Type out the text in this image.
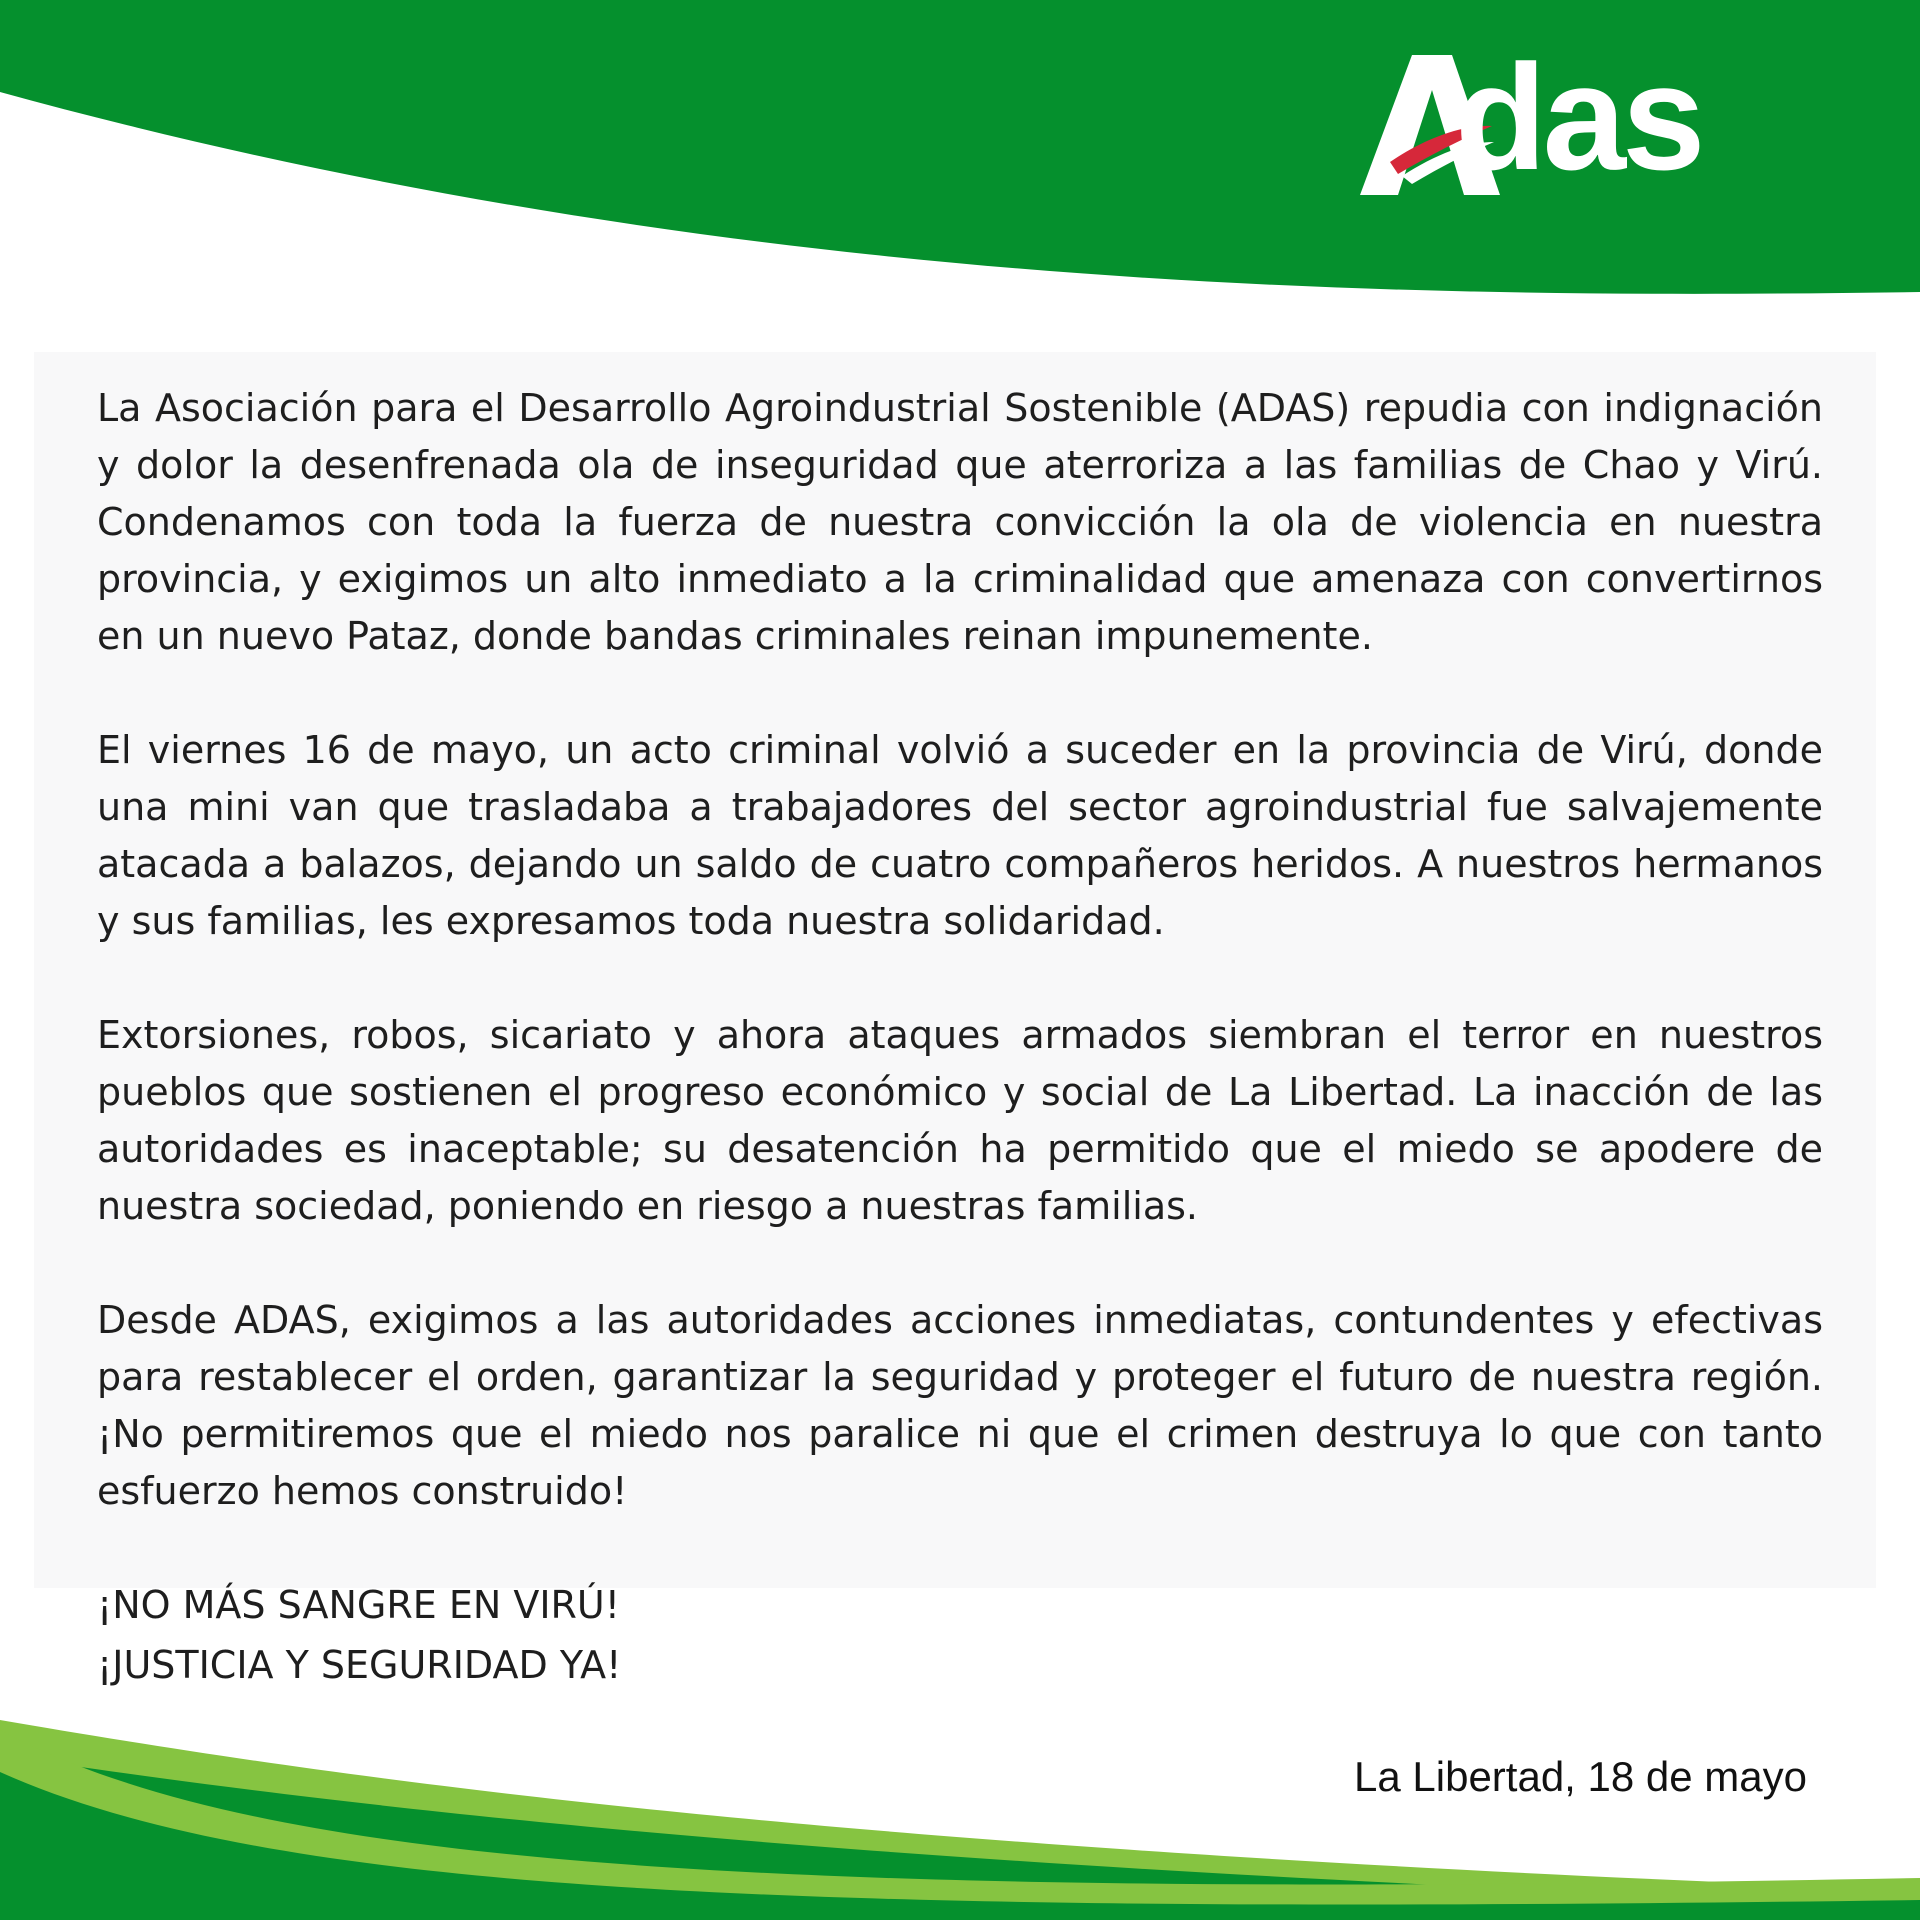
das

La Asociación para el Desarrollo Agroindustrial Sostenible (ADAS) repudia con indignación y dolor la desenfrenada ola de inseguridad que aterroriza a las familias de Chao y Virú. Condenamos con toda la fuerza de nuestra convicción la ola de violencia en nuestra provincia, y exigimos un alto inmediato a la criminalidad que amenaza con convertirnos en un nuevo Pataz, donde bandas criminales reinan impunemente.

El viernes 16 de mayo, un acto criminal volvió a suceder en la provincia de Virú, donde una mini van que trasladaba a trabajadores del sector agroindustrial fue salvajemente atacada a balazos, dejando un saldo de cuatro compañeros heridos. A nuestros hermanos y sus familias, les expresamos toda nuestra solidaridad.

Extorsiones, robos, sicariato y ahora ataques armados siembran el terror en nuestros pueblos que sostienen el progreso económico y social de La Libertad. La inacción de las autoridades es inaceptable; su desatención ha permitido que el miedo se apodere de nuestra sociedad, poniendo en riesgo a nuestras familias.

Desde ADAS, exigimos a las autoridades acciones inmediatas, contundentes y efectivas para restablecer el orden, garantizar la seguridad y proteger el futuro de nuestra región. ¡No permitiremos que el miedo nos paralice ni que el crimen destruya lo que con tanto esfuerzo hemos construido!

¡NO MÁS SANGRE EN VIRÚ!
¡JUSTICIA Y SEGURIDAD YA!
La Libertad, 18 de mayo
